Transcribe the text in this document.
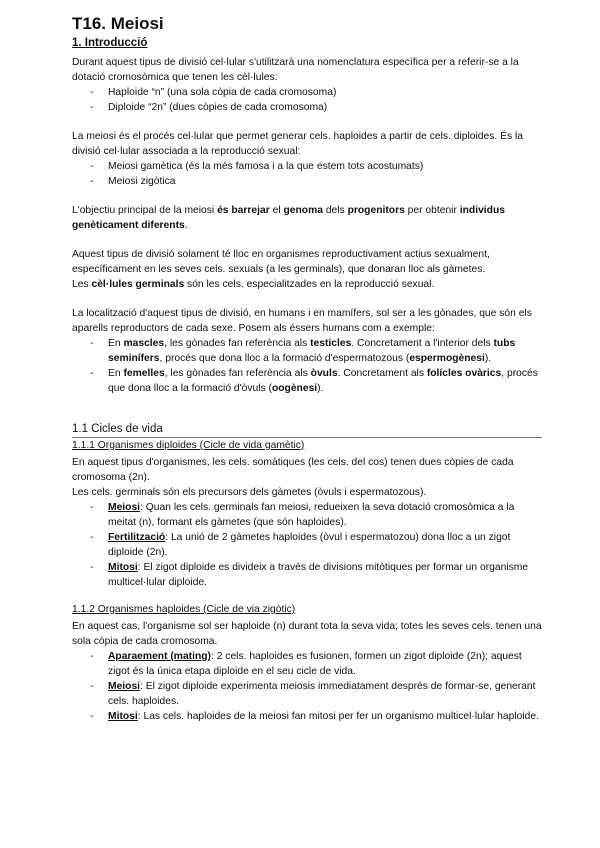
T16. Meiosi
1. Introducció

Durant aquest tipus de divisió cel·lular s'utilitzarà una nomenclatura específica per a referir-se a la dotació cromosòmica que tenen les cèl·lules:

- Haploide “n” (una sola còpia de cada cromosoma)
- Diploide “2n” (dues còpies de cada cromosoma)

La meiosi és el procés cel·lular que permet generar cels. haploides a partir de cels. diploides. És la divisió cel·lular associada a la reproducció sexual:

- Meiosi gamètica (és la més famosa i a la que estem tots acostumats)
- Meiosi zigòtica

L'objectiu principal de la meiosi és barrejar el genoma dels progenitors per obtenir individus genèticament diferents.

Aquest tipus de divisió solament té lloc en organismes reproductivament actius sexualment, específicament en les seves cels. sexuals (a les germinals), que donaran lloc als gàmetes.

Les cèl·lules germinals són les cels. especialitzades en la reproducció sexual.

La localització d'aquest tipus de divisió, en humans i en mamífers, sol ser a les gònades, que són els aparells reproductors de cada sexe. Posem als éssers humans com a exemple:

- En mascles, les gònades fan referència als testicles. Concretament a l'interior dels tubs seminífers, procés que dona lloc a la formació d'espermatozous (espermogènesi).
- En femelles, les gònades fan referència als òvuls. Concretament als folícles ovàrics, procés que dona lloc a la formació d'òvuls (oogènesi).
1.1 Cicles de vida
1.1.1 Organismes diploides (Cicle de vida gamètic)

En aquest tipus d'organismes, les cels. somàtiques (les cels. del cos) tenen dues còpies de cada cromosoma (2n).

Les cels. germinals són els precursors dels gàmetes (òvuls i espermatozous).

- Meiosi: Quan les cels. germinals fan meiosi, redueixen la seva dotació cromosòmica a la meitat (n), formant els gàmetes (que són haploides).
- Fertilització: La unió de 2 gàmetes haploides (òvul i espermatozou) dona lloc a un zigot diploide (2n).
- Mitosi: El zigot diploide es divideix a través de divisions mitòtiques per formar un organisme multicel·lular diploide.
1.1.2 Organismes haploides (Cicle de via zigòtic)

En aquest cas, l'organisme sol ser haploide (n) durant tota la seva vida; totes les seves cels. tenen una sola còpia de cada cromosoma.

- Aparaement (mating): 2 cels. haploides es fusionen, formen un zigot diploide (2n); aquest zigot és la única etapa diploide en el seu cicle de vida.
- Meiosi: El zigot diploide experimenta meiosis immediatament després de formar-se, generant cels. haploides.
- Mitosi: Las cels. haploides de la meiosi fan mitosi per fer un organismo multicel·lular haploide.
